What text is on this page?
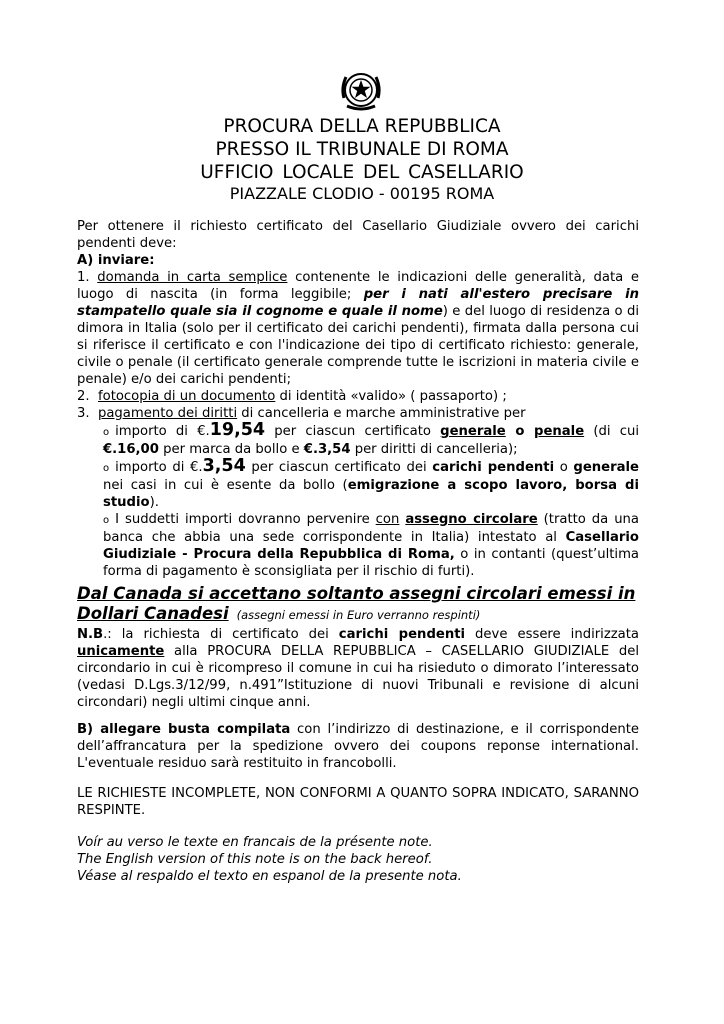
PROCURA DELLA REPUBBLICA
PRESSO IL TRIBUNALE DI ROMA
UFFICIO LOCALE DEL CASELLARIO
PIAZZALE CLODIO - 00195 ROMA

Per ottenere il richiesto certificato del Casellario Giudiziale ovvero dei carichi pendenti deve:

A) inviare:

1. domanda in carta semplice contenente le indicazioni delle generalità, data e luogo di nascita (in forma leggibile; per i nati all'estero precisare in stampatello quale sia il cognome e quale il nome) e del luogo di residenza o di dimora in Italia (solo per il certificato dei carichi pendenti), firmata dalla persona cui si riferisce il certificato e con l'indicazione dei tipo di certificato richiesto: generale, civile o penale (il certificato generale comprende tutte le iscrizioni in materia civile e penale) e/o dei carichi pendenti;

2. fotocopia di un documento di identità «valido» ( passaporto) ;

3. pagamento dei diritti di cancelleria e marche amministrative per

o importo di €.19,54 per ciascun certificato generale o penale (di cui €.16,00 per marca da bollo e €.3,54 per diritti di cancelleria);

o importo di €.3,54 per ciascun certificato dei carichi pendenti o generale nei casi in cui è esente da bollo (emigrazione a scopo lavoro, borsa di studio).

o I suddetti importi dovranno pervenire con assegno circolare (tratto da una banca che abbia una sede corrispondente in Italia) intestato al Casellario Giudiziale - Procura della Repubblica di Roma, o in contanti (quest’ultima forma di pagamento è sconsigliata per il rischio di furti).

Dal Canada si accettano soltanto assegni circolari emessi in Dollari Canadesi (assegni emessi in Euro verranno respinti)
N.B.: la richiesta di certificato dei carichi pendenti deve essere indirizzata unicamente alla PROCURA DELLA REPUBBLICA – CASELLARIO GIUDIZIALE del circondario in cui è ricompreso il comune in cui ha risieduto o dimorato l’interessato (vedasi D.Lgs.3/12/99, n.491”Istituzione di nuovi Tribunali e revisione di alcuni circondari) negli ultimi cinque anni.
B) allegare busta compilata con l’indirizzo di destinazione, e il corrispondente dell’affrancatura per la spedizione ovvero dei coupons reponse international. L'eventuale residuo sarà restituito in francobolli.
LE RICHIESTE INCOMPLETE, NON CONFORMI A QUANTO SOPRA INDICATO, SARANNO RESPINTE.

Voír au verso le texte en francais de la présente note.

The English version of this note is on the back hereof.

Véase al respaldo el texto en espanol de la presente nota.
